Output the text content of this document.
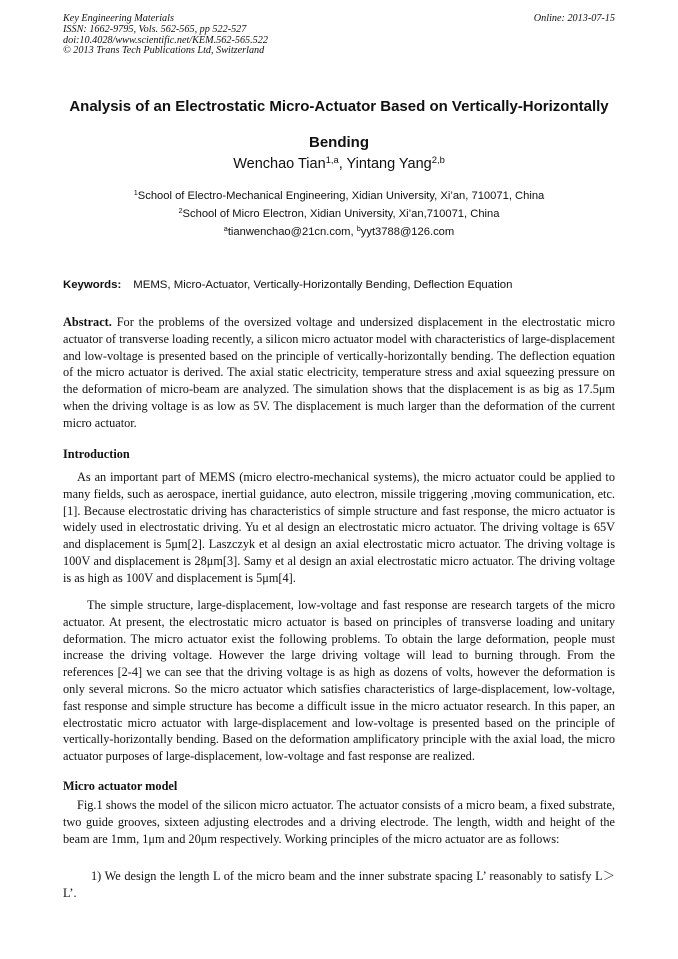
Key Engineering Materials
ISSN: 1662-9795, Vols. 562-565, pp 522-527
doi:10.4028/www.scientific.net/KEM.562-565.522
© 2013 Trans Tech Publications Ltd, Switzerland
Online: 2013-07-15
Analysis of an Electrostatic Micro-Actuator Based on Vertically-Horizontally
Bending
Wenchao Tian$^{1,a}$, Yintang Yang$^{2,b}$
$^1$School of Electro-Mechanical Engineering, Xidian University, Xi’an, 710071, China
$^2$School of Micro Electron, Xidian University, Xi’an,710071, China
$^a$tianwenchao@21cn.com, $^b$yyt3788@126.com
Keywords: MEMS, Micro-Actuator, Vertically-Horizontally Bending, Deflection Equation
Abstract. For the problems of the oversized voltage and undersized displacement in the electrostatic micro actuator of transverse loading recently, a silicon micro actuator model with characteristics of large-displacement and low-voltage is presented based on the principle of vertically-horizontally bending. The deflection equation of the micro actuator is derived. The axial static electricity, temperature stress and axial squeezing pressure on the deformation of micro-beam are analyzed. The simulation shows that the displacement is as big as 17.5μm when the driving voltage is as low as 5V. The displacement is much larger than the deformation of the current micro actuator.
Introduction
As an important part of MEMS (micro electro-mechanical systems), the micro actuator could be applied to many fields, such as aerospace, inertial guidance, auto electron, missile triggering ,moving communication, etc.[1]. Because electrostatic driving has characteristics of simple structure and fast response, the micro actuator is widely used in electrostatic driving. Yu et al design an electrostatic micro actuator. The driving voltage is 65V and displacement is 5μm[2]. Laszczyk et al design an axial electrostatic micro actuator. The driving voltage is 100V and displacement is 28μm[3]. Samy et al design an axial electrostatic micro actuator. The driving voltage is as high as 100V and displacement is 5μm[4].
The simple structure, large-displacement, low-voltage and fast response are research targets of the micro actuator. At present, the electrostatic micro actuator is based on principles of transverse loading and unitary deformation. The micro actuator exist the following problems. To obtain the large deformation, people must increase the driving voltage. However the large driving voltage will lead to burning through. From the references [2-4] we can see that the driving voltage is as high as dozens of volts, however the deformation is only several microns. So the micro actuator which satisfies characteristics of large-displacement, low-voltage, fast response and simple structure has become a difficult issue in the micro actuator research. In this paper, an electrostatic micro actuator with large-displacement and low-voltage is presented based on the principle of vertically-horizontally bending. Based on the deformation amplificatory principle with the axial load, the micro actuator purposes of large-displacement, low-voltage and fast response are realized.
Micro actuator model
Fig.1 shows the model of the silicon micro actuator. The actuator consists of a micro beam, a fixed substrate, two guide grooves, sixteen adjusting electrodes and a driving electrode. The length, width and height of the beam are 1mm, 1μm and 20μm respectively. Working principles of the micro actuator are as follows:
1) We design the length L of the micro beam and the inner substrate spacing L’ reasonably to satisfy L＞L’.
